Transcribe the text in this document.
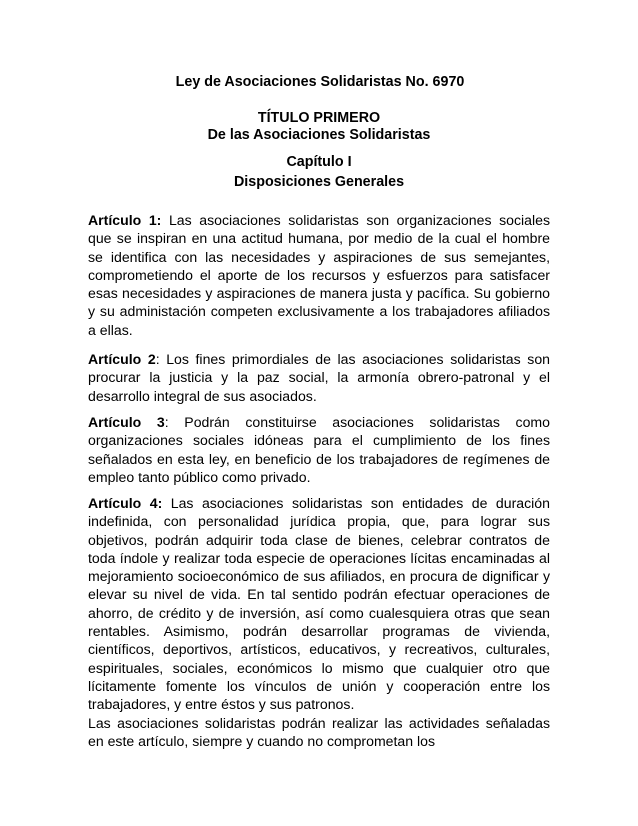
Ley de Asociaciones Solidaristas No. 6970

TÍTULO PRIMERO

De las Asociaciones Solidaristas

Capítulo I

Disposiciones Generales

Artículo 1: Las asociaciones solidaristas son organizaciones sociales que se inspiran en una actitud humana, por medio de la cual el hombre se identifica con las necesidades y aspiraciones de sus semejantes, comprometiendo el aporte de los recursos y esfuerzos para satisfacer esas necesidades y aspiraciones de manera justa y pacífica. Su gobierno y su administación competen exclusivamente a los trabajadores afiliados a ellas.

Artículo 2: Los fines primordiales de las asociaciones solidaristas son procurar la justicia y la paz social, la armonía obrero-patronal y el desarrollo integral de sus asociados.

Artículo 3: Podrán constituirse asociaciones solidaristas como organizaciones sociales idóneas para el cumplimiento de los fines señalados en esta ley, en beneficio de los trabajadores de regímenes de empleo tanto público como privado.

Artículo 4: Las asociaciones solidaristas son entidades de duración indefinida, con personalidad jurídica propia, que, para lograr sus objetivos, podrán adquirir toda clase de bienes, celebrar contratos de toda índole y realizar toda especie de operaciones lícitas encaminadas al mejoramiento socioeconómico de sus afiliados, en procura de dignificar y elevar su nivel de vida. En tal sentido podrán efectuar operaciones de ahorro, de crédito y de inversión, así como cualesquiera otras que sean rentables. Asimismo, podrán desarrollar programas de vivienda, científicos, deportivos, artísticos, educativos, y recreativos, culturales, espirituales, sociales, económicos lo mismo que cualquier otro que lícitamente fomente los vínculos de unión y cooperación entre los trabajadores, y entre éstos y sus patronos.

Las asociaciones solidaristas podrán realizar las actividades señaladas en este artículo, siempre y cuando no comprometan los
